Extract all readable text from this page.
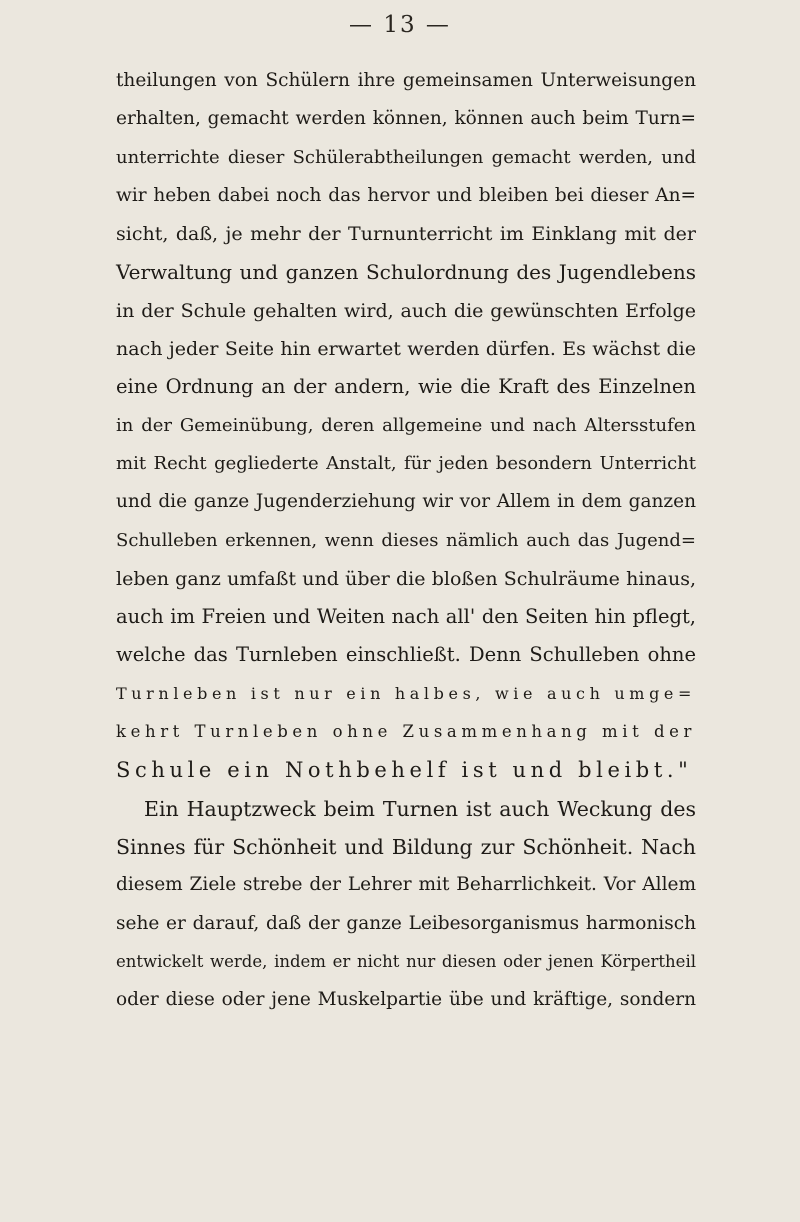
— 13 —
theilungen von Schülern ihre gemeinsamen Unterweisungen
erhalten, gemacht werden können, können auch beim Turn=
unterrichte dieser Schülerabtheilungen gemacht werden, und
wir heben dabei noch das hervor und bleiben bei dieser An=
sicht, daß, je mehr der Turnunterricht im Einklang mit der
Verwaltung und ganzen Schulordnung des Jugendlebens
in der Schule gehalten wird, auch die gewünschten Erfolge
nach jeder Seite hin erwartet werden dürfen. Es wächst die
eine Ordnung an der andern, wie die Kraft des Einzelnen
in der Gemeinübung, deren allgemeine und nach Altersstufen
mit Recht gegliederte Anstalt, für jeden besondern Unterricht
und die ganze Jugenderziehung wir vor Allem in dem ganzen
Schulleben erkennen, wenn dieses nämlich auch das Jugend=
leben ganz umfaßt und über die bloßen Schulräume hinaus,
auch im Freien und Weiten nach all' den Seiten hin pflegt,
welche das Turnleben einschließt. Denn Schulleben ohne
Turnleben ist nur ein halbes, wie auch umge=
kehrt Turnleben ohne Zusammenhang mit der
Schule ein Nothbehelf ist und bleibt."
Ein Hauptzweck beim Turnen ist auch Weckung des
Sinnes für Schönheit und Bildung zur Schönheit. Nach
diesem Ziele strebe der Lehrer mit Beharrlichkeit. Vor Allem
sehe er darauf, daß der ganze Leibesorganismus harmonisch
entwickelt werde, indem er nicht nur diesen oder jenen Körpertheil
oder diese oder jene Muskelpartie übe und kräftige, sondern
